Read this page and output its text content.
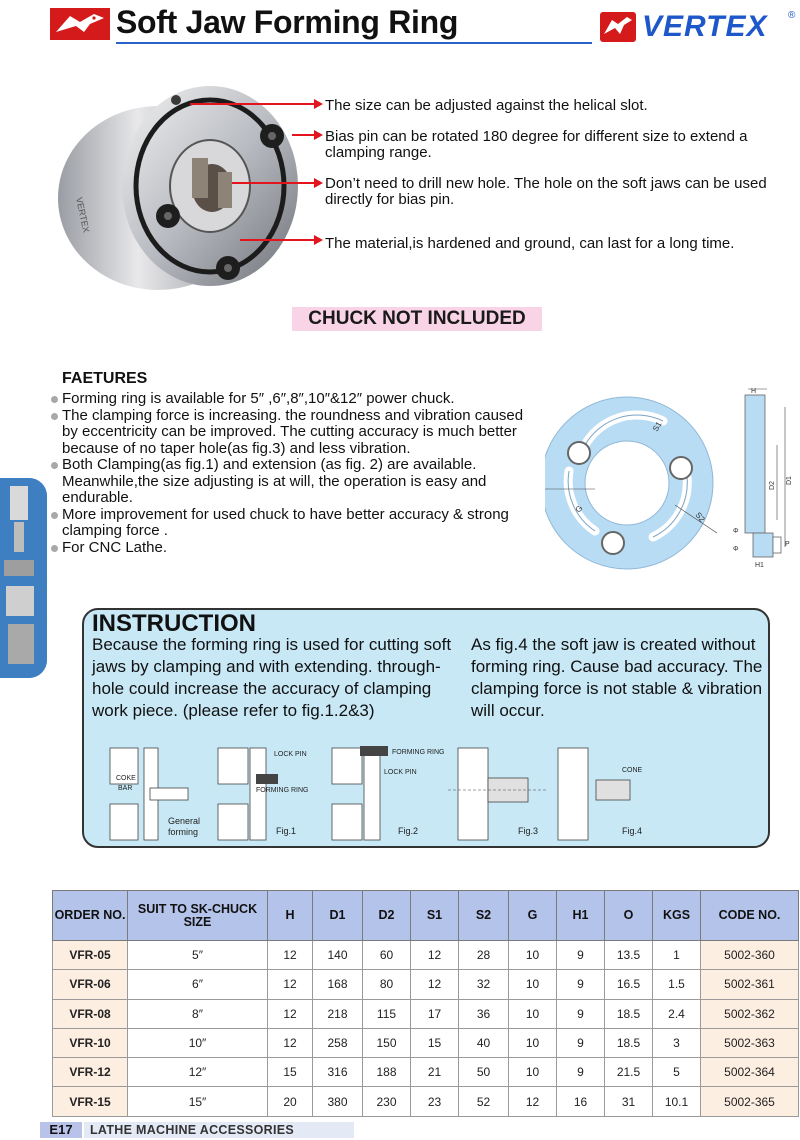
Soft Jaw Forming Ring	VERTEX ®
VERTEX
The size can be adjusted against the helical slot.
Bias pin can be rotated 180 degree for different size to extend a clamping range.
Don’t need to drill new hole. The hole on the soft jaws can be used directly for bias pin.
The material,is hardened and ground, can last for a long time.
CHUCK NOT INCLUDED
FAETURES
Forming ring is available for 5″ ,6″,8″,10″&12″ power chuck.
The clamping force is increasing. the roundness and vibration caused by eccentricity can be improved. The cutting accuracy is much better because of no taper hole(as fig.3) and less vibration.
Both Clamping(as fig.1) and extension (as fig. 2) are available. Meanwhile,the size adjusting is at will, the operation is easy and endurable.
More improvement for used chuck to have better accuracy & strong clamping force .
For CNC Lathe.
S1
S2
G
H
D1
D2
P
H1
Φ
Φ
INSTRUCTION
Because the forming ring is used for cutting soft jaws by clamping and with extending. through-hole could increase the accuracy of clamping work piece. (please refer to fig.1.2&3)
As fig.4 the soft jaw is created without forming ring. Cause bad accuracy. The clamping force is not stable & vibration will occur.
COKE
BAR
General
forming
LOCK PIN
FORMING RING
Fig.1
FORMING RING
LOCK PIN
Fig.2	Fig.3
CONE
Fig.4
ORDER NO.	SUIT TO SK-CHUCK SIZE	H	D1	D2	S1	S2	G	H1	O	KGS	CODE NO.
VFR-05	5″	12	140	60	12	28	10	9	13.5	1	5002-360
VFR-06	6″	12	168	80	12	32	10	9	16.5	1.5	5002-361
VFR-08	8″	12	218	115	17	36	10	9	18.5	2.4	5002-362
VFR-10	10″	12	258	150	15	40	10	9	18.5	3	5002-363
VFR-12	12″	15	316	188	21	50	10	9	21.5	5	5002-364
VFR-15	15″	20	380	230	23	52	12	16	31	10.1	5002-365
E17	LATHE MACHINE ACCESSORIES
